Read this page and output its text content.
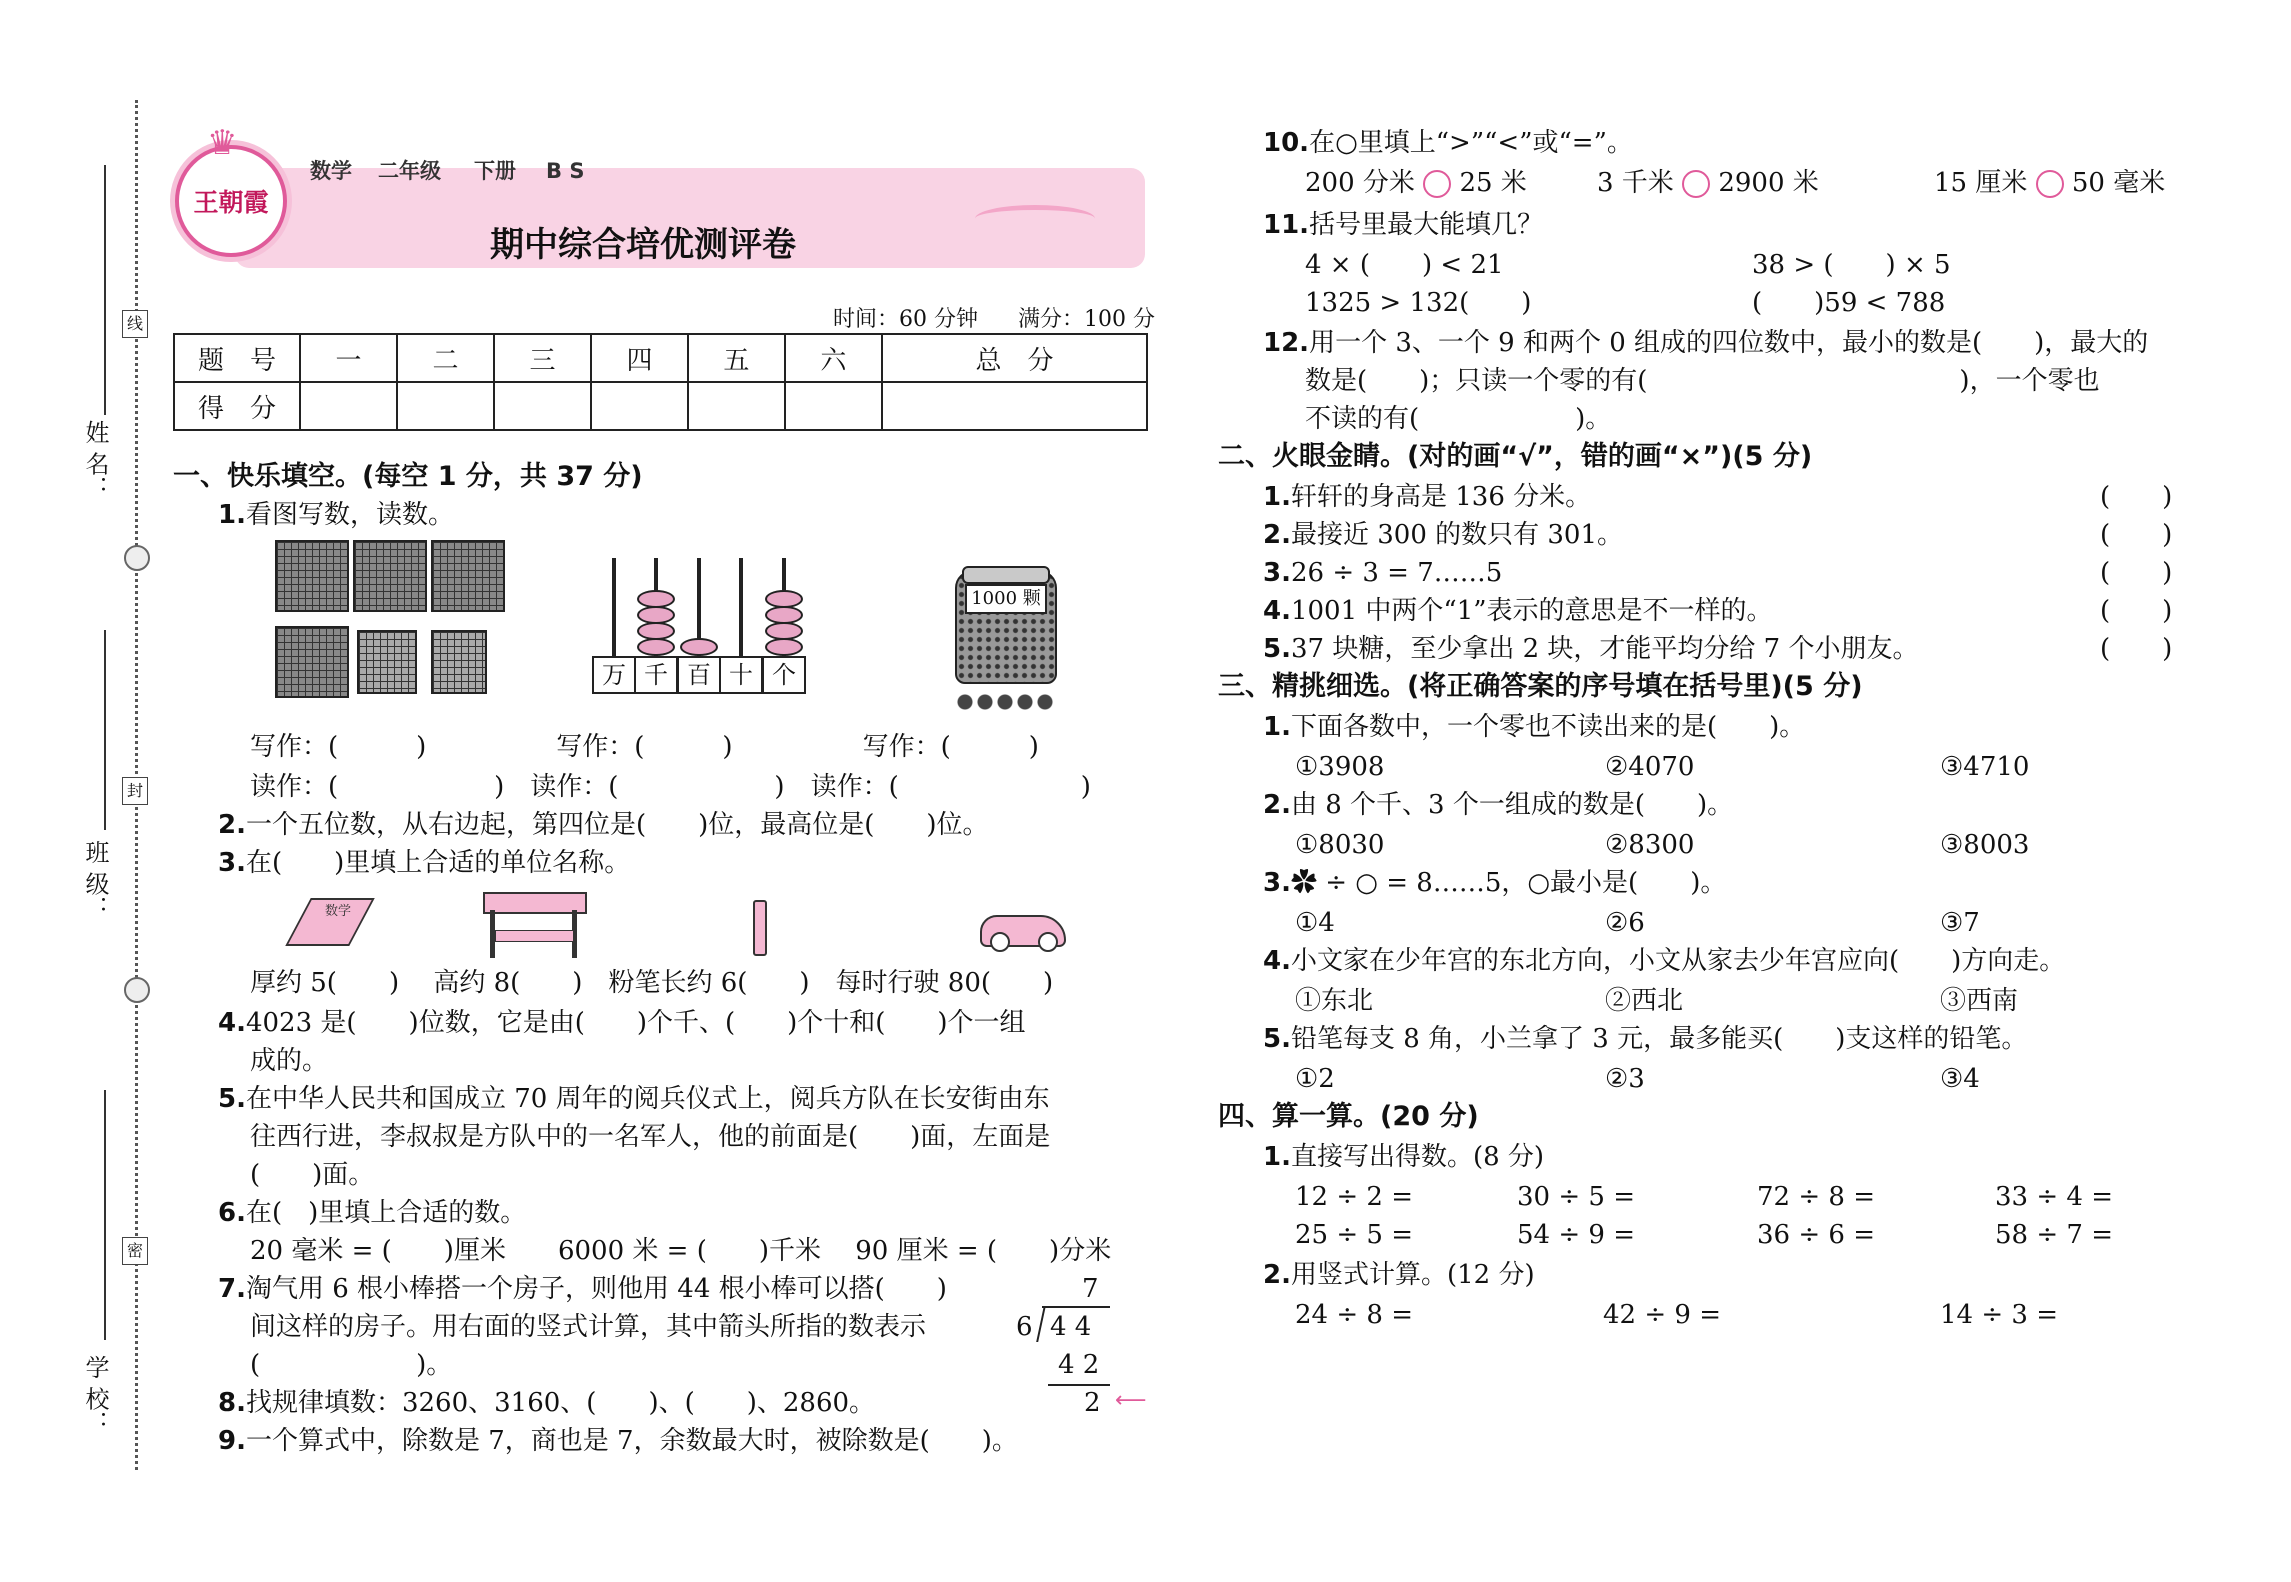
姓 名：
班 级：
学 校：
线
封
密
♛
王朝霞
数学 二年级 下册 B S
期中综合培优测评卷
时间：60 分钟 满分：100 分
题　号	一	二	三	四	五	六	总　分
得　分							
一、快乐填空。(每空 1 分，共 37 分)
1.看图写数，读数。
万 千 百 十 个
1000 颗
写作：(　　　)　　　　　写作：(　　　)　　　　　写作：(　　　)
读作：(　　　　　　)　读作：(　　　　　　)　读作：(　　　　　　　)
2.一个五位数，从右边起，第四位是(　　)位，最高位是(　　)位。
3.在(　　)里填上合适的单位名称。
数学
厚约 5(　　)　 高约 8(　　)　粉笔长约 6(　　)　每时行驶 80(　　)
4.4023 是(　　)位数，它是由(　　)个千、(　　)个十和(　　)个一组
成的。
5.在中华人民共和国成立 70 周年的阅兵仪式上，阅兵方队在长安街由东
往西行进，李叔叔是方队中的一名军人，他的前面是(　　)面，左面是
(　　)面。
6.在(　)里填上合适的数。
20 毫米 = (　　)厘米　　6000 米 = (　　)千米　 90 厘米 = (　　)分米
7.淘气用 6 根小棒搭一个房子，则他用 44 根小棒可以搭(　　)
间这样的房子。用右面的竖式计算，其中箭头所指的数表示
(　　　　　　)。
7
6 4 4
4 2
2 ⟵
8.找规律填数：3260、3160、(　　)、(　　)、2860。
9.一个算式中，除数是 7，商也是 7，余数最大时，被除数是(　　)。
10.在○里填上“>”“<”或“=”。
200 分米 25 米	3 千米 2900 米	15 厘米 50 毫米
11.括号里最大能填几？
4 × (　　) < 21	38 > (　　) × 5
1325 > 132(　　)	(　　)59 < 788
12.用一个 3、一个 9 和两个 0 组成的四位数中，最小的数是(　　)，最大的
数是(　　)；只读一个零的有(　　　　　　　　　　　　)，一个零也
不读的有(　　　　　　)。
二、火眼金睛。(对的画“√”，错的画“×”)(5 分)
1.轩轩的身高是 136 分米。	(　　)
2.最接近 300 的数只有 301。	(　　)
3.26 ÷ 3 = 7……5	(　　)
4.1001 中两个“1”表示的意思是不一样的。	(　　)
5.37 块糖，至少拿出 2 块，才能平均分给 7 个小朋友。	(　　)
三、精挑细选。(将正确答案的序号填在括号里)(5 分)
1.下面各数中，一个零也不读出来的是(　　)。
①3908	②4070	③4710
2.由 8 个千、3 个一组成的数是(　　)。
①8030	②8300	③8003
3.✿ ÷ ○ = 8……5，○最小是(　　)。
①4	②6	③7
4.小文家在少年宫的东北方向，小文从家去少年宫应向(　　)方向走。
①东北	②西北	③西南
5.铅笔每支 8 角，小兰拿了 3 元，最多能买(　　)支这样的铅笔。
①2	②3	③4
四、算一算。(20 分)
1.直接写出得数。(8 分)
12 ÷ 2 =	30 ÷ 5 =	72 ÷ 8 =	33 ÷ 4 =
25 ÷ 5 =	54 ÷ 9 =	36 ÷ 6 =	58 ÷ 7 =
2.用竖式计算。(12 分)
24 ÷ 8 =	42 ÷ 9 =	14 ÷ 3 =
